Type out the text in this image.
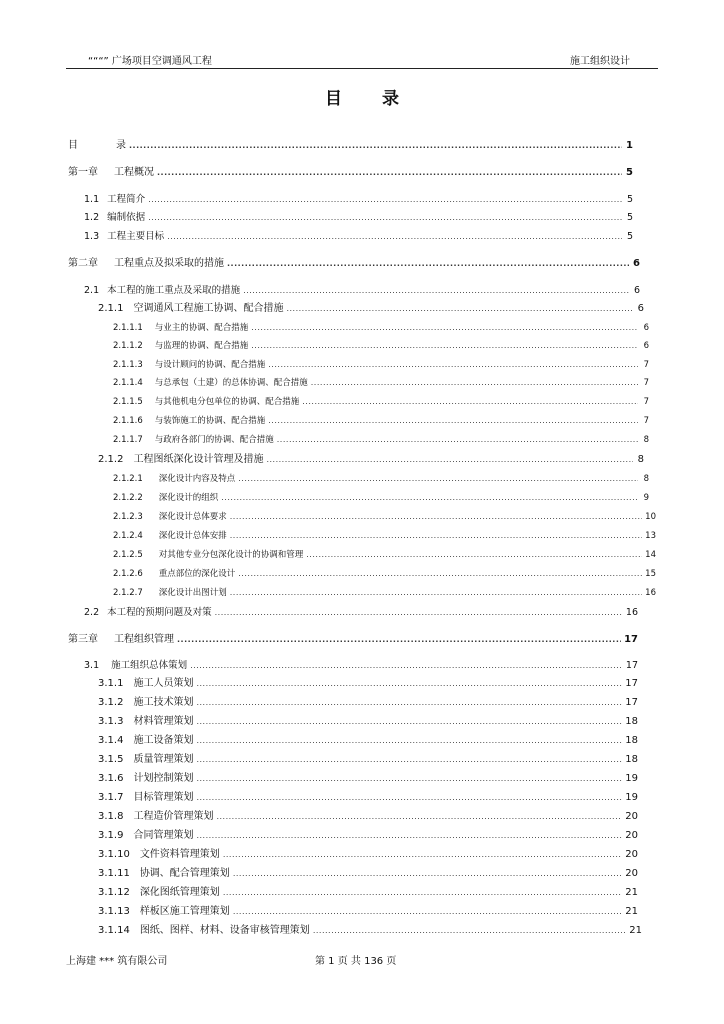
“““” 广场项目空调通风工程	施工组织设计
目 录
目	录 .....	1
第一章 工程概况 .....	5
1.1 工程简介 .....	5
1.2 编制依据 .....	5
1.3 工程主要目标 .....	5
第二章 工程重点及拟采取的措施 .....	6
2.1 本工程的施工重点及采取的措施 .....	6
2.1.1 空调通风工程施工协调、配合措施 .....	6
2.1.1.1 与业主的协调、配合措施 .....	6
2.1.1.2 与监理的协调、配合措施 .....	6
2.1.1.3 与设计顾问的协调、配合措施 .....	7
2.1.1.4 与总承包（土建）的总体协调、配合措施 .....	7
2.1.1.5 与其他机电分包单位的协调、配合措施 .....	7
2.1.1.6 与装饰施工的协调、配合措施 .....	7
2.1.1.7 与政府各部门的协调、配合措施 .....	8
2.1.2 工程图纸深化设计管理及措施 .....	8
2.1.2.1 深化设计内容及特点 .....	8
2.1.2.2 深化设计的组织 .....	9
2.1.2.3 深化设计总体要求 .....	10
2.1.2.4 深化设计总体安排 .....	13
2.1.2.5 对其他专业分包深化设计的协调和管理 .....	14
2.1.2.6 重点部位的深化设计 .....	15
2.1.2.7 深化设计出图计划 .....	16
2.2 本工程的预期问题及对策 .....	16
第三章 工程组织管理 .....	17
3.1 施工组织总体策划 .....	17
3.1.1 施工人员策划 .....	17
3.1.2 施工技术策划 .....	17
3.1.3 材料管理策划 .....	18
3.1.4 施工设备策划 .....	18
3.1.5 质量管理策划 .....	18
3.1.6 计划控制策划 .....	19
3.1.7 目标管理策划 .....	19
3.1.8 工程造价管理策划 .....	20
3.1.9 合同管理策划 .....	20
3.1.10 文件资料管理策划 .....	20
3.1.11 协调、配合管理策划 .....	20
3.1.12 深化图纸管理策划 .....	21
3.1.13 样板区施工管理策划 .....	21
3.1.14 图纸、图样、材料、设备审核管理策划 .....	21
上海建 *** 筑有限公司	第 1 页 共 136 页
